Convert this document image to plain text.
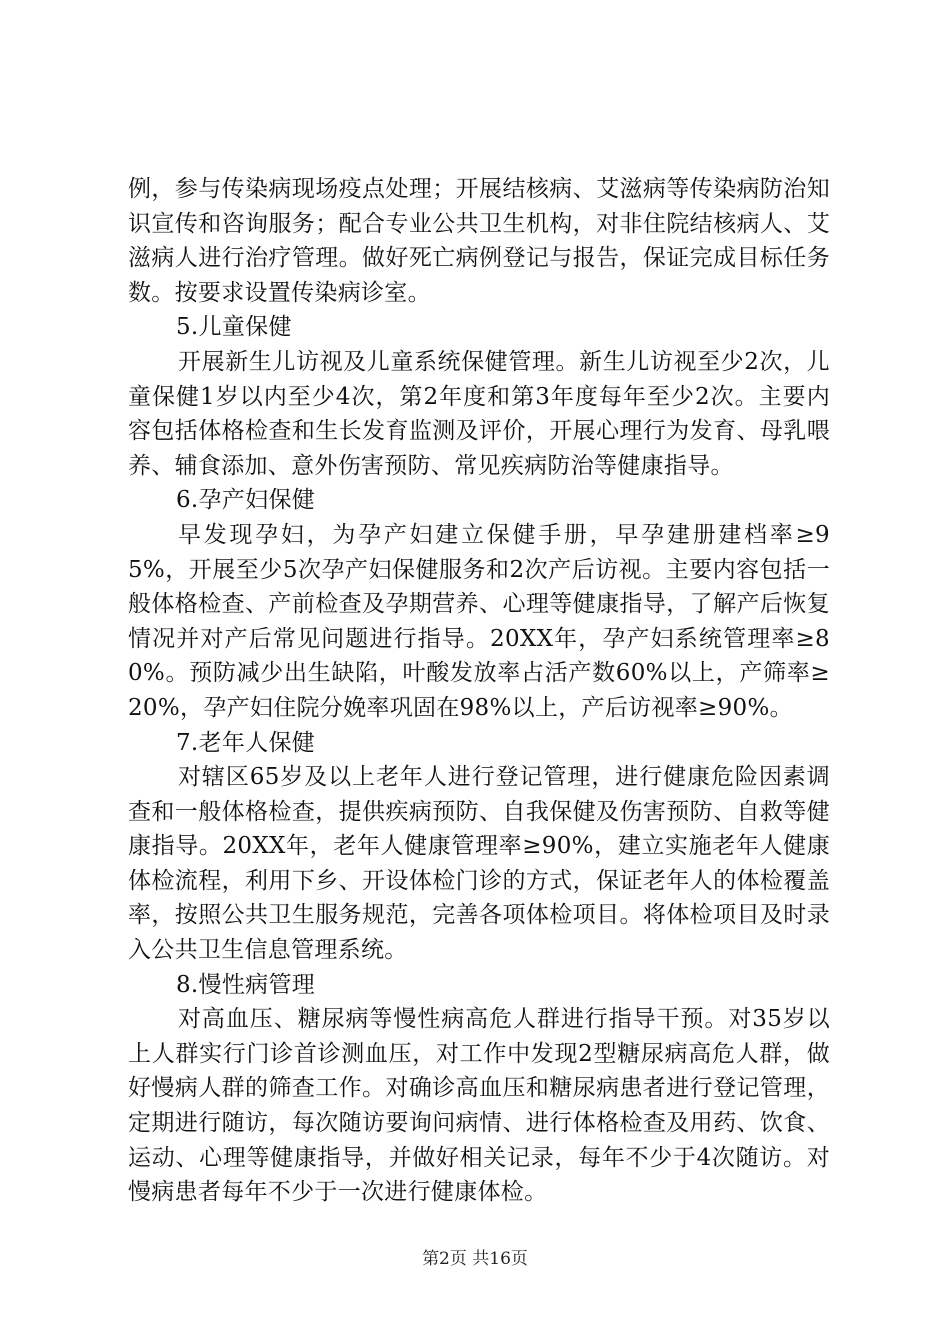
例，参与传染病现场疫点处理；开展结核病、艾滋病等传染病防治知识宣传和咨询服务；配合专业公共卫生机构，对非住院结核病人、艾滋病人进行治疗管理。做好死亡病例登记与报告，保证完成目标任务数。按要求设置传染病诊室。

5.儿童保健

开展新生儿访视及儿童系统保健管理。新生儿访视至少2次，儿童保健1岁以内至少4次，第2年度和第3年度每年至少2次。主要内容包括体格检查和生长发育监测及评价，开展心理行为发育、母乳喂养、辅食添加、意外伤害预防、常见疾病防治等健康指导。

6.孕产妇保健

早发现孕妇，为孕产妇建立保健手册，早孕建册建档率≥95%，开展至少5次孕产妇保健服务和2次产后访视。主要内容包括一般体格检查、产前检查及孕期营养、心理等健康指导，了解产后恢复情况并对产后常见问题进行指导。20XX年，孕产妇系统管理率≥80%。预防减少出生缺陷，叶酸发放率占活产数60%以上，产筛率≥20%，孕产妇住院分娩率巩固在98%以上，产后访视率≥90%。

7.老年人保健

对辖区65岁及以上老年人进行登记管理，进行健康危险因素调查和一般体格检查，提供疾病预防、自我保健及伤害预防、自救等健康指导。20XX年，老年人健康管理率≥90%，建立实施老年人健康体检流程，利用下乡、开设体检门诊的方式，保证老年人的体检覆盖率，按照公共卫生服务规范，完善各项体检项目。将体检项目及时录入公共卫生信息管理系统。

8.慢性病管理

对高血压、糖尿病等慢性病高危人群进行指导干预。对35岁以上人群实行门诊首诊测血压，对工作中发现2型糖尿病高危人群，做好慢病人群的筛查工作。对确诊高血压和糖尿病患者进行登记管理，定期进行随访，每次随访要询问病情、进行体格检查及用药、饮食、运动、心理等健康指导，并做好相关记录，每年不少于4次随访。对慢病患者每年不少于一次进行健康体检。

第2页 共16页
